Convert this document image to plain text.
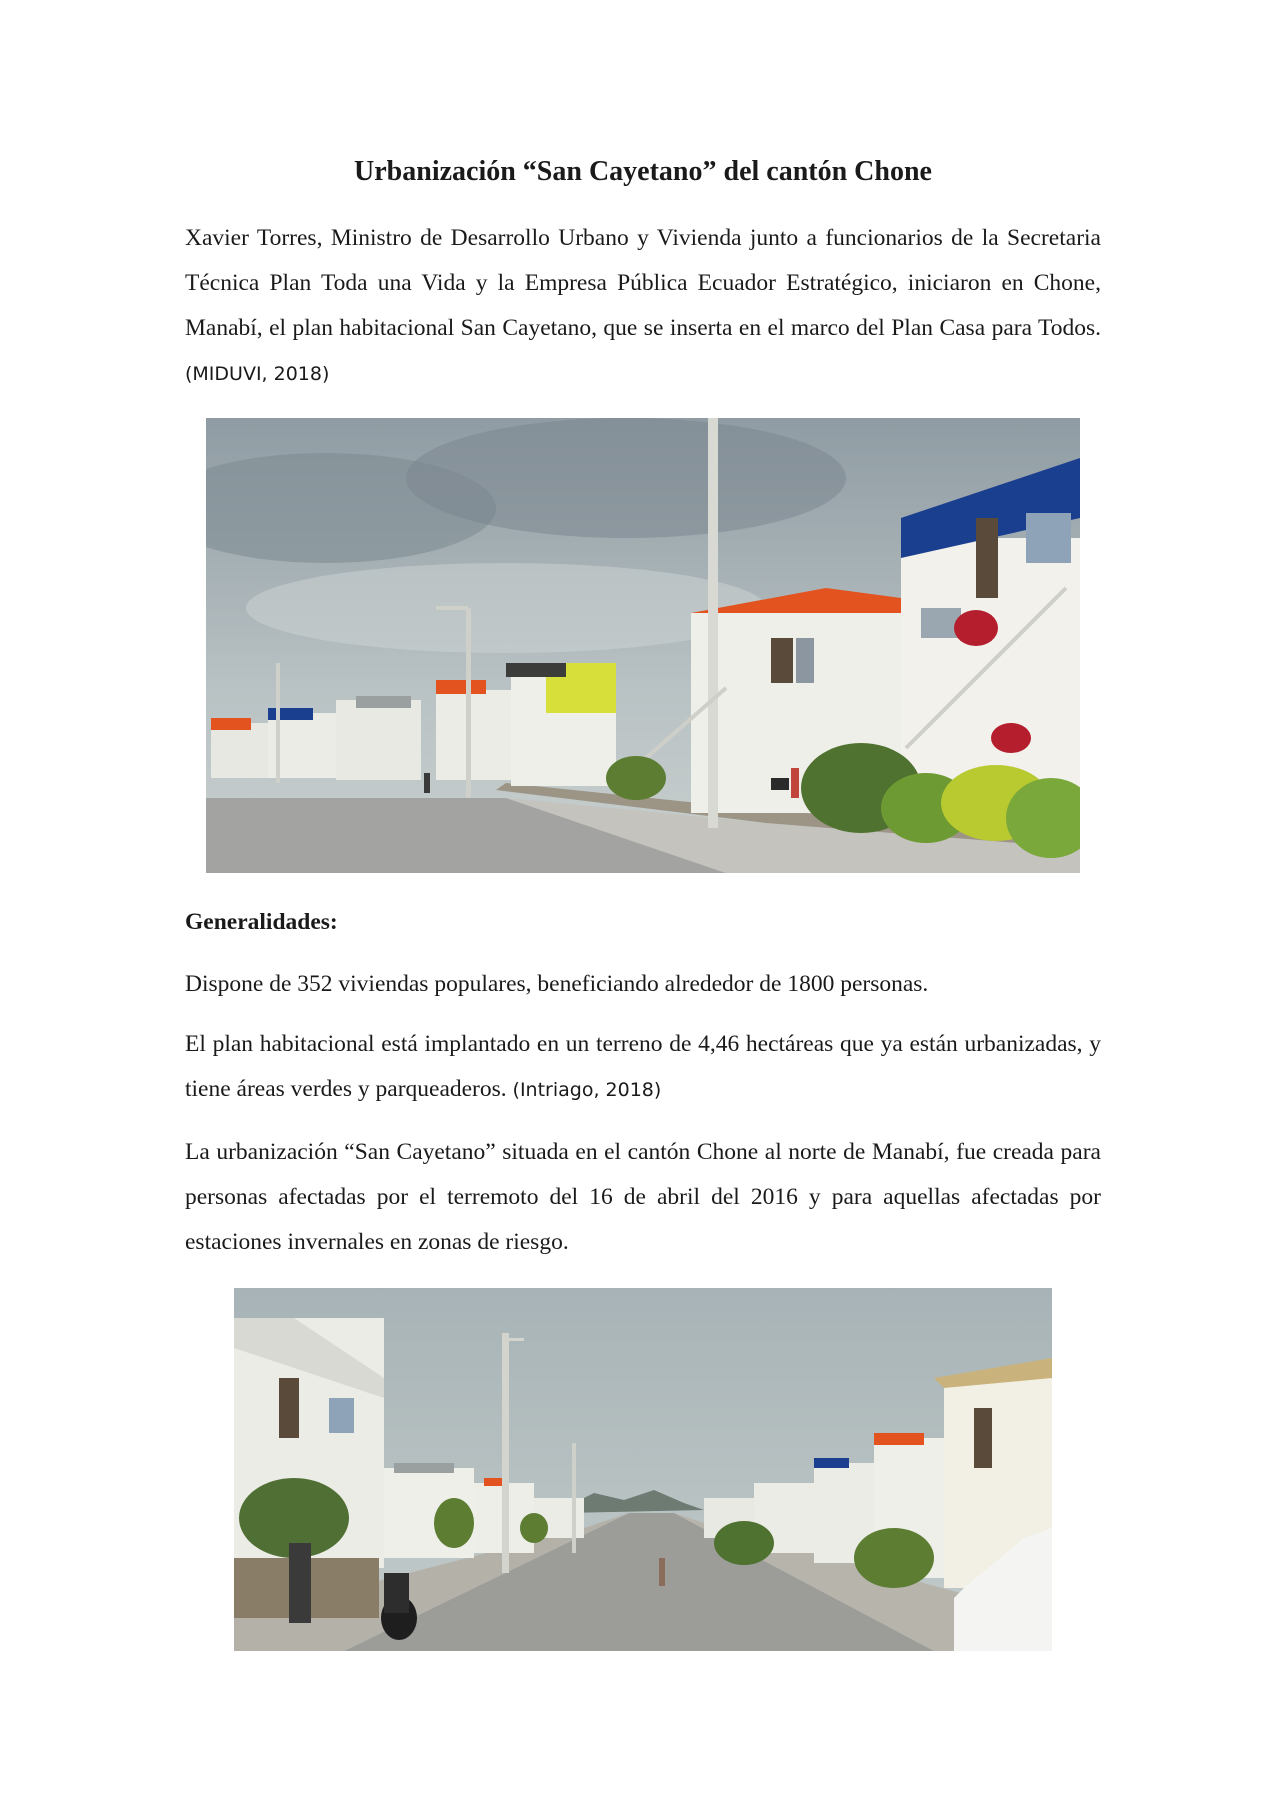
Urbanización “San Cayetano” del cantón Chone

Xavier Torres, Ministro de Desarrollo Urbano y Vivienda junto a funcionarios de la Secretaria Técnica Plan Toda una Vida y la Empresa Pública Ecuador Estratégico, iniciaron en Chone, Manabí, el plan habitacional San Cayetano, que se inserta en el marco del Plan Casa para Todos. (MIDUVI, 2018)

Generalidades:

Dispone de 352 viviendas populares, beneficiando alrededor de 1800 personas.

El plan habitacional está implantado en un terreno de 4,46 hectáreas que ya están urbanizadas, y tiene áreas verdes y parqueaderos. (Intriago, 2018)

La urbanización “San Cayetano” situada en el cantón Chone al norte de Manabí, fue creada para personas afectadas por el terremoto del 16 de abril del 2016 y para aquellas afectadas por estaciones invernales en zonas de riesgo.
